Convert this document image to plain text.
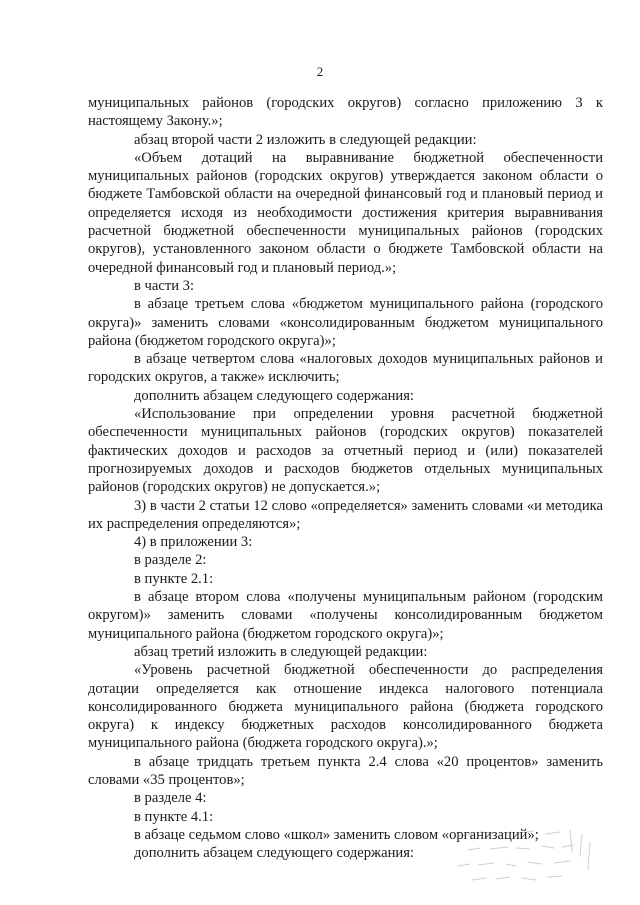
2

муниципальных районов (городских округов) согласно приложению 3 к настоящему Закону.»;

абзац второй части 2 изложить в следующей редакции:

«Объем дотаций на выравнивание бюджетной обеспеченности муниципальных районов (городских округов) утверждается законом области о бюджете Тамбовской области на очередной финансовый год и плановый период и определяется исходя из необходимости достижения критерия выравнивания расчетной бюджетной обеспеченности муниципальных районов (городских округов), установленного законом области о бюджете Тамбовской области на очередной финансовый год и плановый период.»;

в части 3:

в абзаце третьем слова «бюджетом муниципального района (городского округа)» заменить словами «консолидированным бюджетом муниципального района (бюджетом городского округа)»;

в абзаце четвертом слова «налоговых доходов муниципальных районов и городских округов, а также» исключить;

дополнить абзацем следующего содержания:

«Использование при определении уровня расчетной бюджетной обеспеченности муниципальных районов (городских округов) показателей фактических доходов и расходов за отчетный период и (или) показателей прогнозируемых доходов и расходов бюджетов отдельных муниципальных районов (городских округов) не допускается.»;

3) в части 2 статьи 12 слово «определяется» заменить словами «и методика их распределения определяются»;

4) в приложении 3:

в разделе 2:

в пункте 2.1:

в абзаце втором слова «получены муниципальным районом (городским округом)» заменить словами «получены консолидированным бюджетом муниципального района (бюджетом городского округа)»;

абзац третий изложить в следующей редакции:

«Уровень расчетной бюджетной обеспеченности до распределения дотации определяется как отношение индекса налогового потенциала консолидированного бюджета муниципального района (бюджета городского округа) к индексу бюджетных расходов консолидированного бюджета муниципального района (бюджета городского округа).»;

в абзаце тридцать третьем пункта 2.4 слова «20 процентов» заменить словами «35 процентов»;

в разделе 4:

в пункте 4.1:

в абзаце седьмом слово «школ» заменить словом «организаций»;

дополнить абзацем следующего содержания:
